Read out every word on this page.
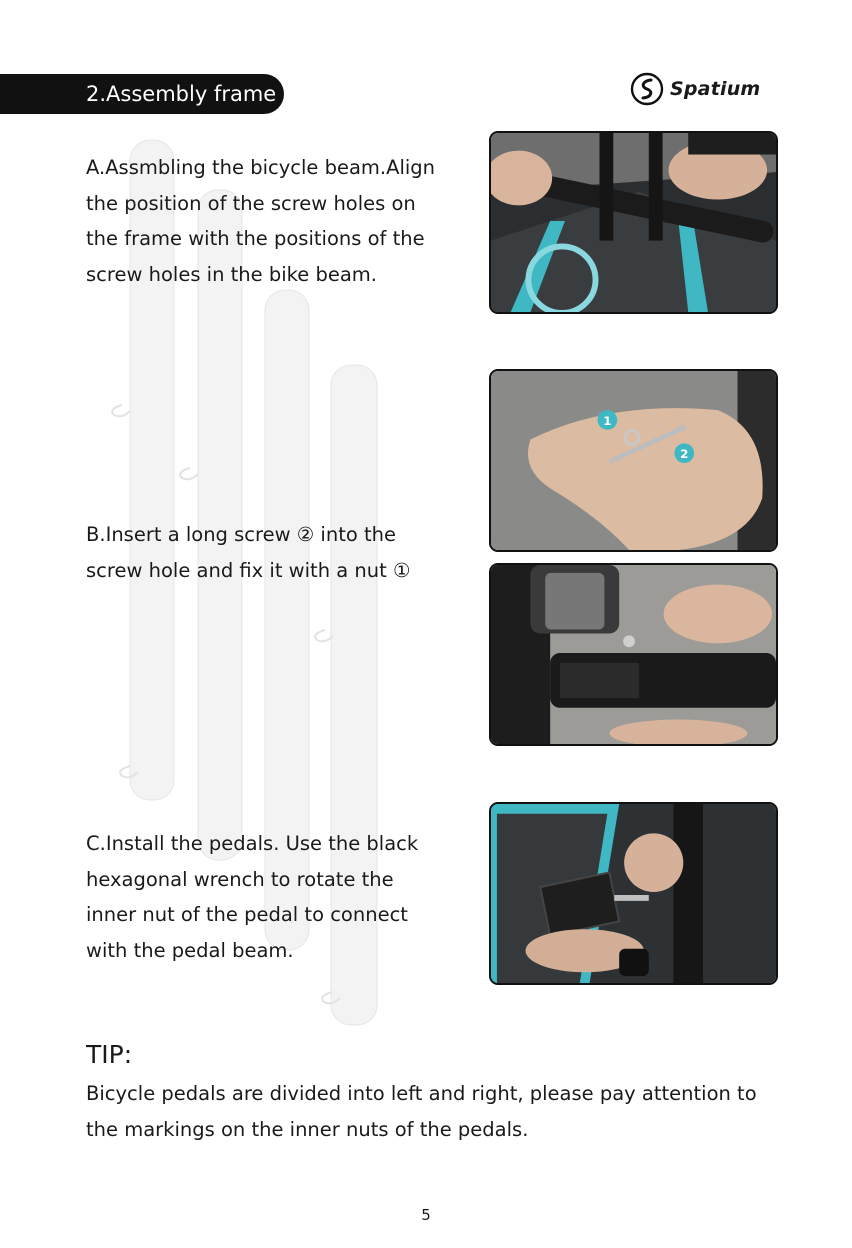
2.Assembly frame	Spatium

A.Assmbling the bicycle beam.Align the position of the screw holes on the frame with the positions of the screw holes in the bike beam.

B.Insert a long screw ② into the screw hole and fix it with a nut ①

C.Install the pedals. Use the black hexagonal wrench to rotate the inner nut of the pedal to connect with the pedal beam.

1
2
TIP:

Bicycle pedals are divided into left and right, please pay attention to the markings on the inner nuts of the pedals.

5
